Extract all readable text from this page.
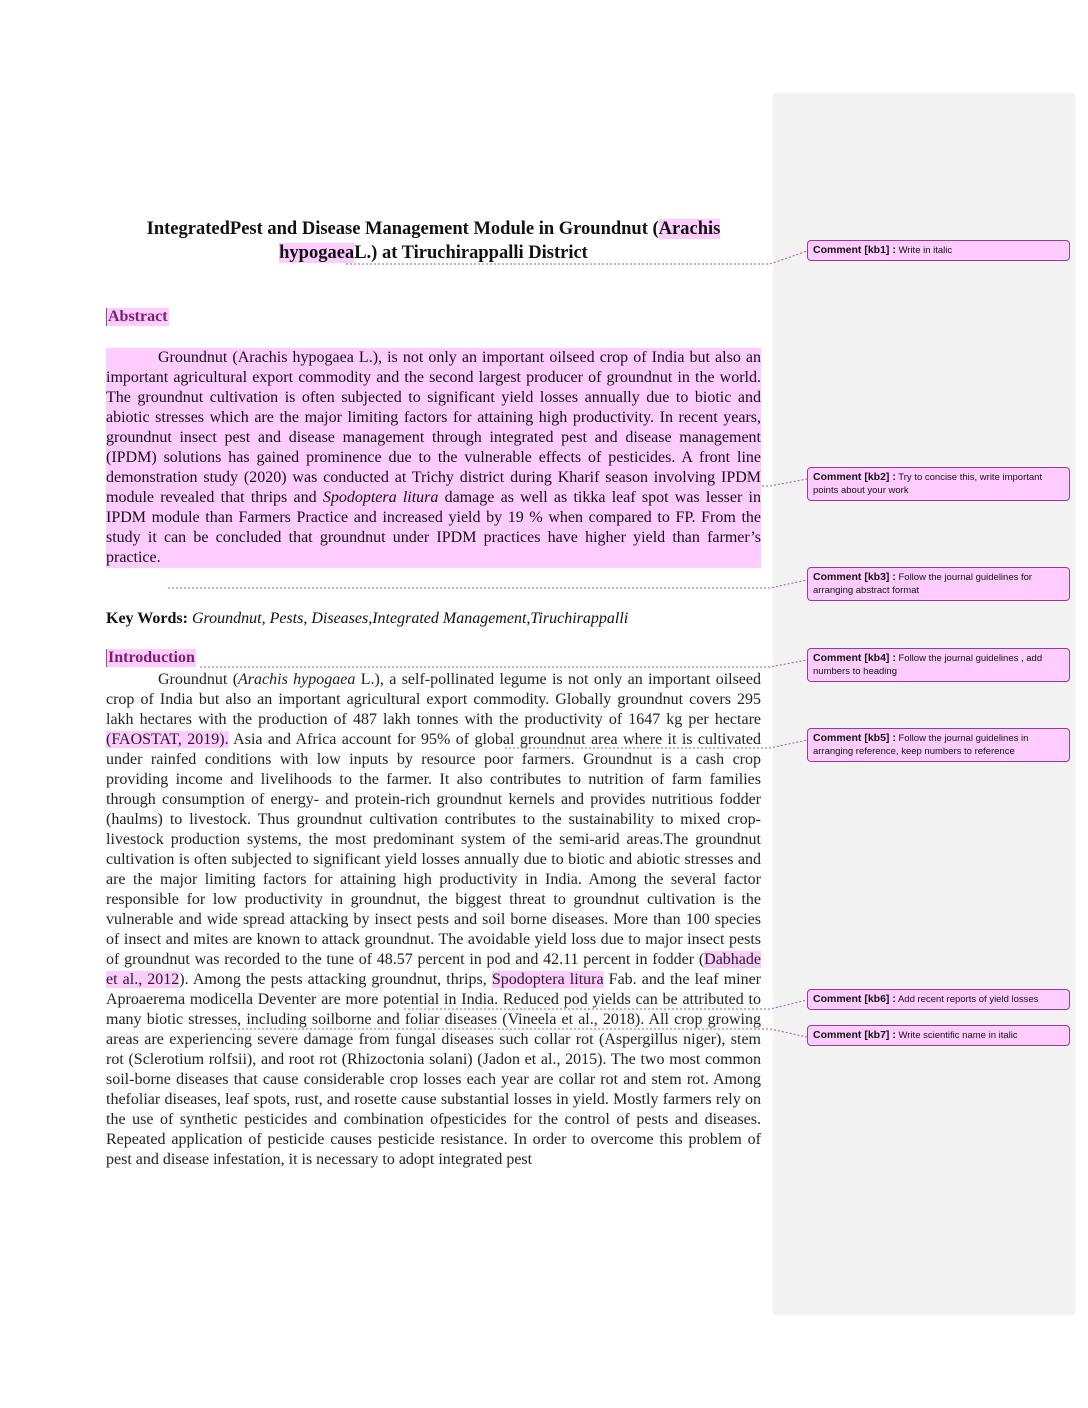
IntegratedPest and Disease Management Module in Groundnut (Arachis
hypogaeaL.) at Tiruchirappalli District
Abstract

Groundnut (Arachis hypogaea L.), is not only an important oilseed crop of India but also an important agricultural export commodity and the second largest producer of groundnut in the world. The groundnut cultivation is often subjected to significant yield losses annually due to biotic and abiotic stresses which are the major limiting factors for attaining high productivity. In recent years, groundnut insect pest and disease management through integrated pest and disease management (IPDM) solutions has gained prominence due to the vulnerable effects of pesticides. A front line demonstration study (2020) was conducted at Trichy district during Kharif season involving IPDM module revealed that thrips and Spodoptera litura damage as well as tikka leaf spot was lesser in IPDM module than Farmers Practice and increased yield by 19 % when compared to FP. From the study it can be concluded that groundnut under IPDM practices have higher yield than farmer’s practice.

Key Words: Groundnut, Pests, Diseases,Integrated Management,Tiruchirappalli
Introduction

Groundnut (Arachis hypogaea L.), a self-pollinated legume is not only an important oilseed crop of India but also an important agricultural export commodity. Globally groundnut covers 295 lakh hectares with the production of 487 lakh tonnes with the productivity of 1647 kg per hectare (FAOSTAT, 2019). Asia and Africa account for 95% of global groundnut area where it is cultivated under rainfed conditions with low inputs by resource poor farmers. Groundnut is a cash crop providing income and livelihoods to the farmer. It also contributes to nutrition of farm families through consumption of energy- and protein-rich groundnut kernels and provides nutritious fodder (haulms) to livestock. Thus groundnut cultivation contributes to the sustainability to mixed crop-livestock production systems, the most predominant system of the semi-arid areas.The groundnut cultivation is often subjected to significant yield losses annually due to biotic and abiotic stresses and are the major limiting factors for attaining high productivity in India. Among the several factor responsible for low productivity in groundnut, the biggest threat to groundnut cultivation is the vulnerable and wide spread attacking by insect pests and soil borne diseases. More than 100 species of insect and mites are known to attack groundnut. The avoidable yield loss due to major insect pests of groundnut was recorded to the tune of 48.57 percent in pod and 42.11 percent in fodder (Dabhade et al., 2012). Among the pests attacking groundnut, thrips, Spodoptera litura Fab. and the leaf miner Aproaerema modicella Deventer are more potential in India. Reduced pod yields can be attributed to many biotic stresses, including soilborne and foliar diseases (Vineela et al., 2018). All crop growing areas are experiencing severe damage from fungal diseases such collar rot (Aspergillus niger), stem rot (Sclerotium rolfsii), and root rot (Rhizoctonia solani) (Jadon et al., 2015). The two most common soil-borne diseases that cause considerable crop losses each year are collar rot and stem rot. Among thefoliar diseases, leaf spots, rust, and rosette cause substantial losses in yield. Mostly farmers rely on the use of synthetic pesticides and combination ofpesticides for the control of pests and diseases. Repeated application of pesticide causes pesticide resistance. In order to overcome this problem of pest and disease infestation, it is necessary to adopt integrated pest

Comment [kb1] : Write in italic
Comment [kb2] : Try to concise this, write important points about your work
Comment [kb3] : Follow the journal guidelines for arranging abstract format
Comment [kb4] : Follow the journal guidelines , add numbers to heading
Comment [kb5] : Follow the journal guidelines in arranging reference, keep numbers to reference
Comment [kb6] : Add recent reports of yield losses
Comment [kb7] : Write scientific name in italic
